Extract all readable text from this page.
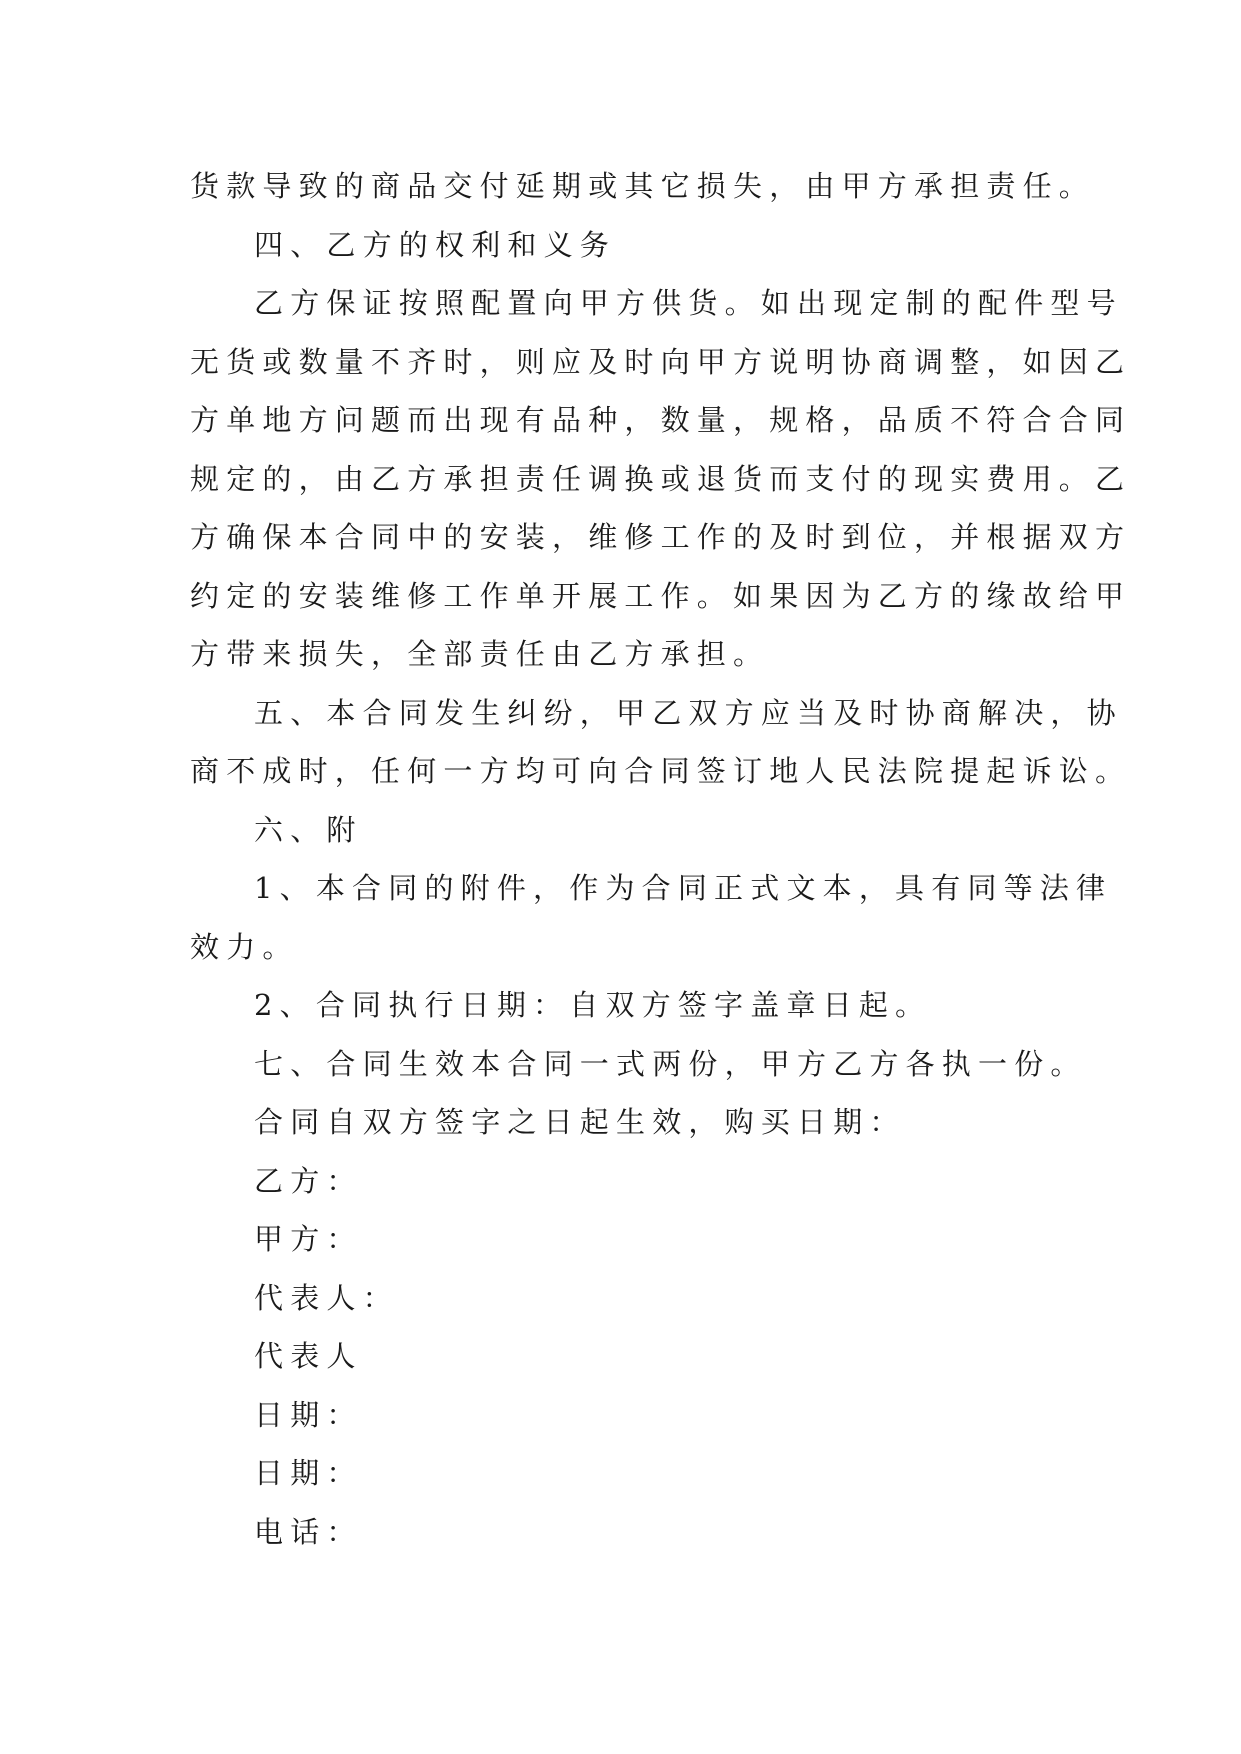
货款导致的商品交付延期或其它损失，由甲方承担责任。
四、乙方的权利和义务
乙方保证按照配置向甲方供货。如出现定制的配件型号
无货或数量不齐时，则应及时向甲方说明协商调整，如因乙
方单地方问题而出现有品种，数量，规格，品质不符合合同
规定的，由乙方承担责任调换或退货而支付的现实费用。乙
方确保本合同中的安装，维修工作的及时到位，并根据双方
约定的安装维修工作单开展工作。如果因为乙方的缘故给甲
方带来损失，全部责任由乙方承担。
五、本合同发生纠纷，甲乙双方应当及时协商解决，协
商不成时，任何一方均可向合同签订地人民法院提起诉讼。
六、附
1、本合同的附件，作为合同正式文本，具有同等法律
效力。
2、合同执行日期：自双方签字盖章日起。
七、合同生效本合同一式两份，甲方乙方各执一份。
合同自双方签字之日起生效，购买日期：
乙方：
甲方：
代表人：
代表人
日期：
日期：
电话：
